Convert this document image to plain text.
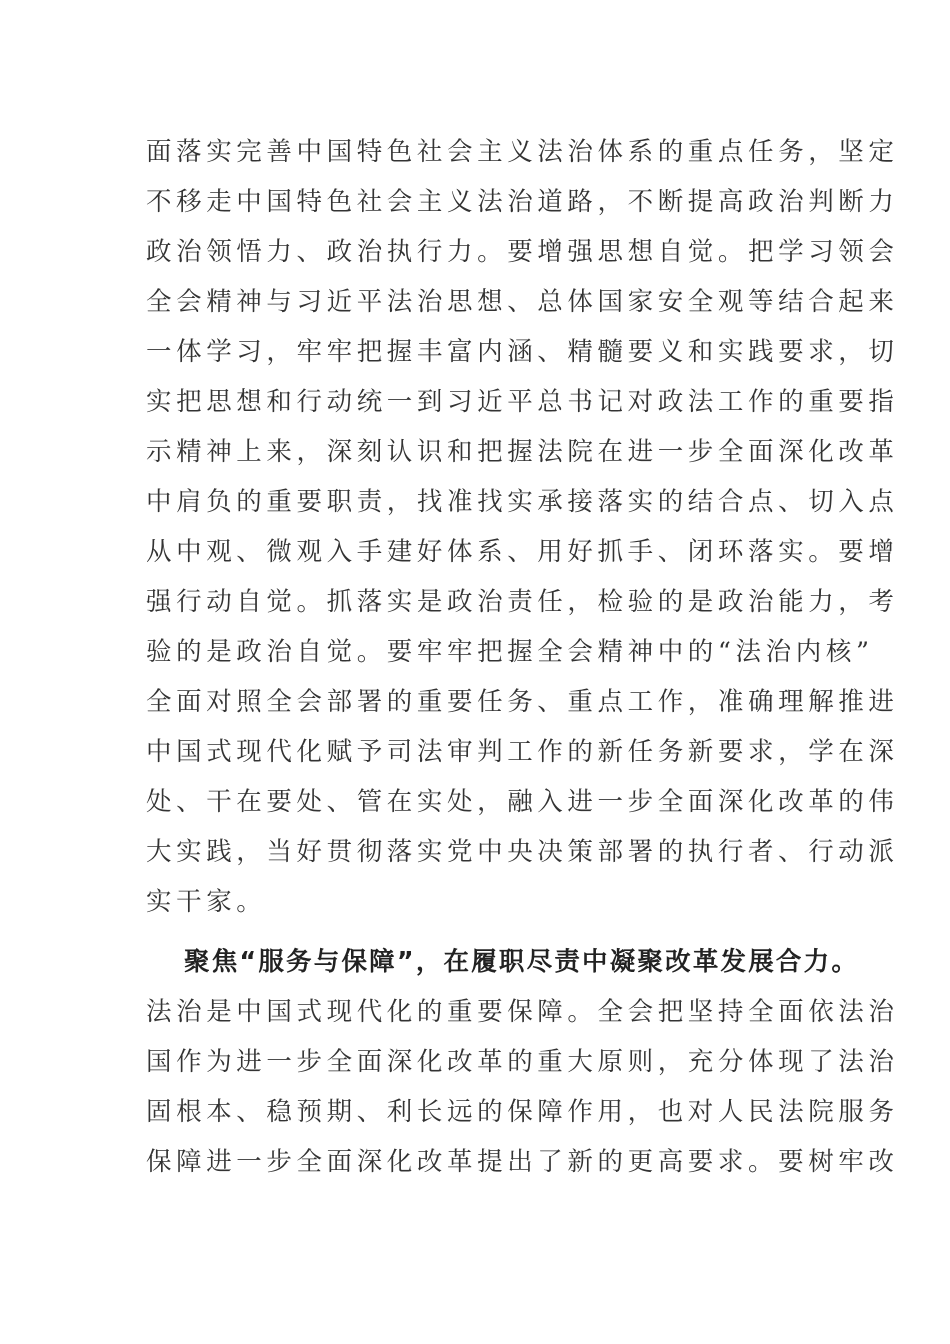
面落实完善中国特色社会主义法治体系的重点任务，坚定
不移走中国特色社会主义法治道路，不断提高政治判断力
政治领悟力、政治执行力。要增强思想自觉。把学习领会
全会精神与习近平法治思想、总体国家安全观等结合起来
一体学习，牢牢把握丰富内涵、精髓要义和实践要求，切
实把思想和行动统一到习近平总书记对政法工作的重要指
示精神上来，深刻认识和把握法院在进一步全面深化改革
中肩负的重要职责，找准找实承接落实的结合点、切入点
从中观、微观入手建好体系、用好抓手、闭环落实。要增
强行动自觉。抓落实是政治责任，检验的是政治能力，考
验的是政治自觉。要牢牢把握全会精神中的“法治内核”
全面对照全会部署的重要任务、重点工作，准确理解推进
中国式现代化赋予司法审判工作的新任务新要求，学在深
处、干在要处、管在实处，融入进一步全面深化改革的伟
大实践，当好贯彻落实党中央决策部署的执行者、行动派
实干家。
聚焦“服务与保障”，在履职尽责中凝聚改革发展合力。
法治是中国式现代化的重要保障。全会把坚持全面依法治
国作为进一步全面深化改革的重大原则，充分体现了法治
固根本、稳预期、利长远的保障作用，也对人民法院服务
保障进一步全面深化改革提出了新的更高要求。要树牢改
